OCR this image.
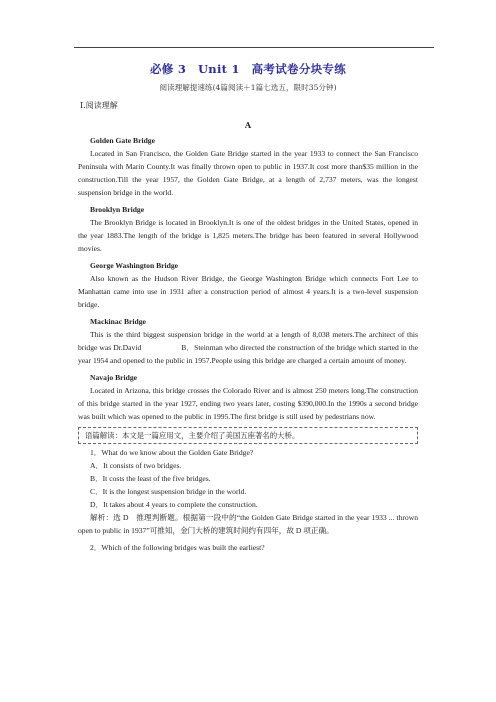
必修 3　Unit 1　高考试卷分块专练
阅读理解提速练(4篇阅读＋1篇七选五，限时35分钟)
Ⅰ.阅读理解
A

Golden Gate Bridge

Located in San Francisco, the Golden Gate Bridge started in the year 1933 to connect the San Francisco Peninsula with Marin County.It was finally thrown open to public in 1937.It cost more than$35 million in the construction.Till the year 1957, the Golden Gate Bridge, at a length of 2,737 meters, was the longest suspension bridge in the world.

Brooklyn Bridge

The Brooklyn Bridge is located in Brooklyn.It is one of the oldest bridges in the United States, opened in the year 1883.The length of the bridge is 1,825 meters.The bridge has been featured in several Hollywood movies.

George Washington Bridge

Also known as the Hudson River Bridge, the George Washington Bridge which connects Fort Lee to Manhattan came into use in 1931 after a construction period of almost 4 years.It is a two-level suspension bridge.

Mackinac Bridge

This is the third biggest suspension bridge in the world at a length of 8,038 meters.The architect of this bridge was Dr.David	B．Steinman who directed the construction of the bridge which started in the year 1954 and opened to the public in 1957.People using this bridge are charged a certain amount of money.

Navajo Bridge

Located in Arizona, this bridge crosses the Colorado River and is almost 250 meters long.The construction of this bridge started in the year 1927, ending two years later, costing $390,000.In the 1990s a second bridge was built which was opened to the public in 1995.The first bridge is still used by pedestrians now.

语篇解读：本文是一篇应用文，主要介绍了美国五座著名的大桥。

1．What do we know about the Golden Gate Bridge?

A．It consists of two bridges.

B．It costs the least of the five bridges.

C．It is the longest suspension bridge in the world.

D．It takes about 4 years to complete the construction.

解析：选 D　推理判断题。根据第一段中的“the Golden Gate Bridge started in the year 1933 ... thrown open to public in 1937”可推知，金门大桥的建筑时间约有四年，故 D 项正确。

2．Which of the following bridges was built the earliest?
